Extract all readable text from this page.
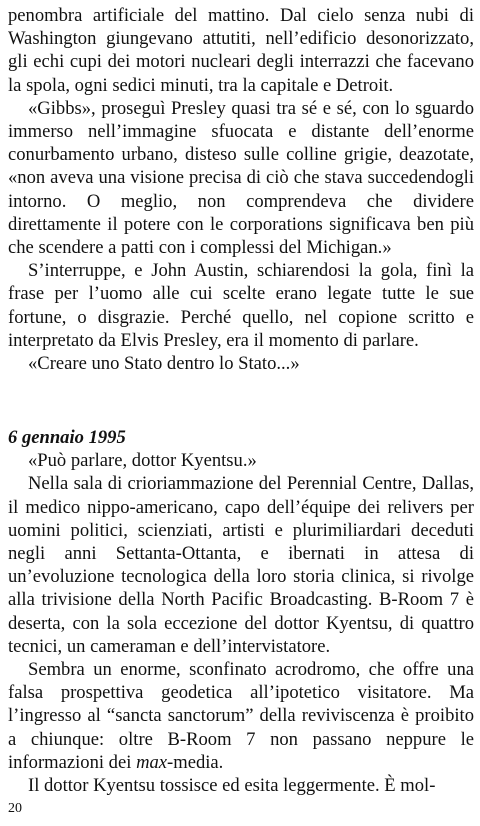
penombra artificiale del mattino. Dal cielo senza nubi di Washington giungevano attutiti, nell’edificio desonorizzato, gli echi cupi dei motori nucleari degli interrazzi che facevano la spola, ogni sedici minuti, tra la capitale e Detroit.

«Gibbs», proseguì Presley quasi tra sé e sé, con lo sguardo immerso nell’immagine sfuocata e distante dell’enorme conurbamento urbano, disteso sulle colline grigie, deazotate, «non aveva una visione precisa di ciò che stava succedendogli intorno. O meglio, non comprendeva che dividere direttamente il potere con le corporations significava ben più che scendere a patti con i complessi del Michigan.»

S’interruppe, e John Austin, schiarendosi la gola, finì la frase per l’uomo alle cui scelte erano legate tutte le sue fortune, o disgrazie. Perché quello, nel copione scritto e interpretato da Elvis Presley, era il momento di parlare.

«Creare uno Stato dentro lo Stato...»

6 gennaio 1995

«Può parlare, dottor Kyentsu.»

Nella sala di crioriammazione del Perennial Centre, Dallas, il medico nippo-americano, capo dell’équipe dei relivers per uomini politici, scienziati, artisti e plurimiliardari deceduti negli anni Settanta-Ottanta, e ibernati in attesa di un’evoluzione tecnologica della loro storia clinica, si rivolge alla trivisione della North Pacific Broadcasting. B-Room 7 è deserta, con la sola eccezione del dottor Kyentsu, di quattro tecnici, un cameraman e dell’intervistatore.

Sembra un enorme, sconfinato acrodromo, che offre una falsa prospettiva geodetica all’ipotetico visitatore. Ma l’ingresso al “sancta sanctorum” della reviviscenza è proibito a chiunque: oltre B-Room 7 non passano neppure le informazioni dei max-media.

Il dottor Kyentsu tossisce ed esita leggermente. È mol-

20
